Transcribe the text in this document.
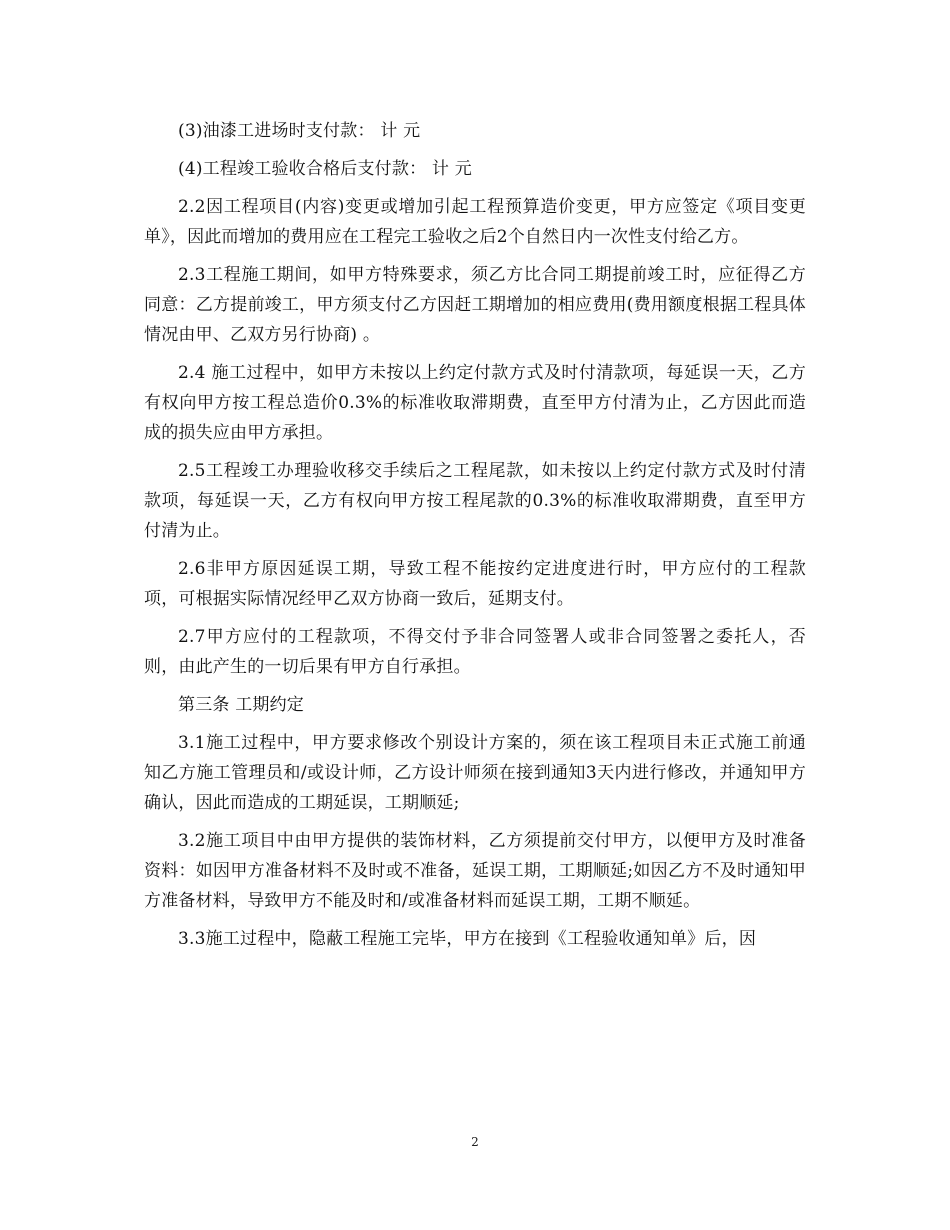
(3)油漆工进场时支付款： 计 元

(4)工程竣工验收合格后支付款： 计 元

2.2因工程项目(内容)变更或增加引起工程预算造价变更，甲方应签定《项目变更单》，因此而增加的费用应在工程完工验收之后2个自然日内一次性支付给乙方。

2.3工程施工期间，如甲方特殊要求，须乙方比合同工期提前竣工时，应征得乙方同意：乙方提前竣工，甲方须支付乙方因赶工期增加的相应费用(费用额度根据工程具体情况由甲、乙双方另行协商) 。

2.4 施工过程中，如甲方未按以上约定付款方式及时付清款项，每延误一天，乙方有权向甲方按工程总造价0.3%的标准收取滞期费，直至甲方付清为止，乙方因此而造成的损失应由甲方承担。

2.5工程竣工办理验收移交手续后之工程尾款，如未按以上约定付款方式及时付清款项，每延误一天，乙方有权向甲方按工程尾款的0.3%的标准收取滞期费，直至甲方付清为止。

2.6非甲方原因延误工期，导致工程不能按约定进度进行时，甲方应付的工程款项，可根据实际情况经甲乙双方协商一致后，延期支付。

2.7甲方应付的工程款项，不得交付予非合同签署人或非合同签署之委托人，否则，由此产生的一切后果有甲方自行承担。

第三条 工期约定

3.1施工过程中，甲方要求修改个别设计方案的，须在该工程项目未正式施工前通知乙方施工管理员和/或设计师，乙方设计师须在接到通知3天内进行修改，并通知甲方确认，因此而造成的工期延误，工期顺延;

3.2施工项目中由甲方提供的装饰材料，乙方须提前交付甲方，以便甲方及时准备资料：如因甲方准备材料不及时或不准备，延误工期，工期顺延;如因乙方不及时通知甲方准备材料，导致甲方不能及时和/或准备材料而延误工期，工期不顺延。

3.3施工过程中，隐蔽工程施工完毕，甲方在接到《工程验收通知单》后，因

2
